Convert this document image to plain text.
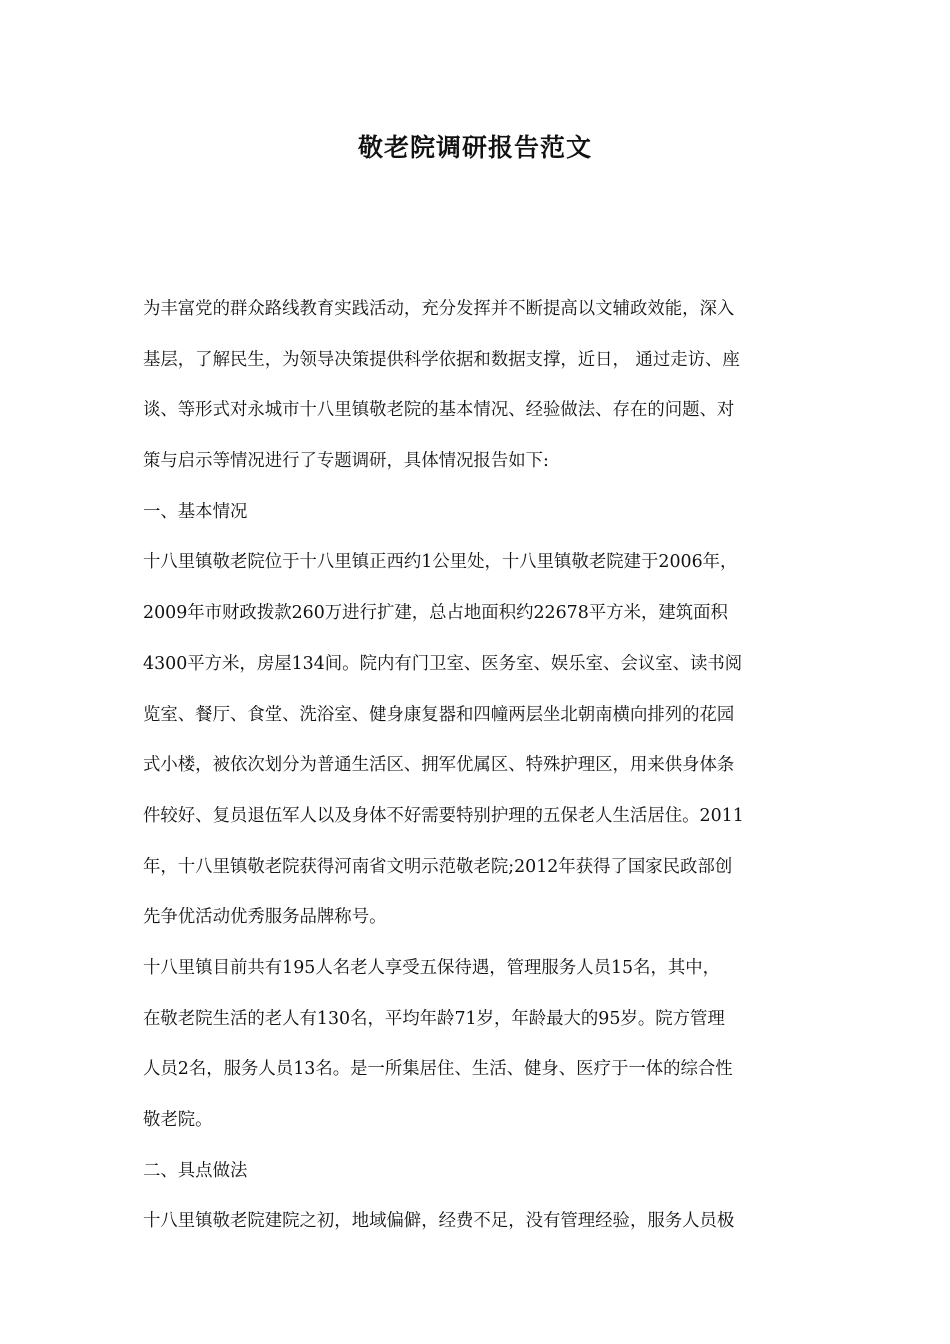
敬老院调研报告范文
为丰富党的群众路线教育实践活动，充分发挥并不断提高以文辅政效能，深入
基层，了解民生，为领导决策提供科学依据和数据支撑，近日， 通过走访、座
谈、等形式对永城市十八里镇敬老院的基本情况、经验做法、存在的问题、对
策与启示等情况进行了专题调研，具体情况报告如下:
一、基本情况
十八里镇敬老院位于十八里镇正西约1公里处，十八里镇敬老院建于2006年，
2009年市财政拨款260万进行扩建，总占地面积约22678平方米，建筑面积
4300平方米，房屋134间。院内有门卫室、医务室、娱乐室、会议室、读书阅
览室、餐厅、食堂、洗浴室、健身康复器和四幢两层坐北朝南横向排列的花园
式小楼，被依次划分为普通生活区、拥军优属区、特殊护理区，用来供身体条
件较好、复员退伍军人以及身体不好需要特别护理的五保老人生活居住。2011
年，十八里镇敬老院获得河南省文明示范敬老院;2012年获得了国家民政部创
先争优活动优秀服务品牌称号。
十八里镇目前共有195人名老人享受五保待遇，管理服务人员15名，其中，
在敬老院生活的老人有130名，平均年龄71岁，年龄最大的95岁。院方管理
人员2名，服务人员13名。是一所集居住、生活、健身、医疗于一体的综合性
敬老院。
二、具点做法
十八里镇敬老院建院之初，地域偏僻，经费不足，没有管理经验，服务人员极
